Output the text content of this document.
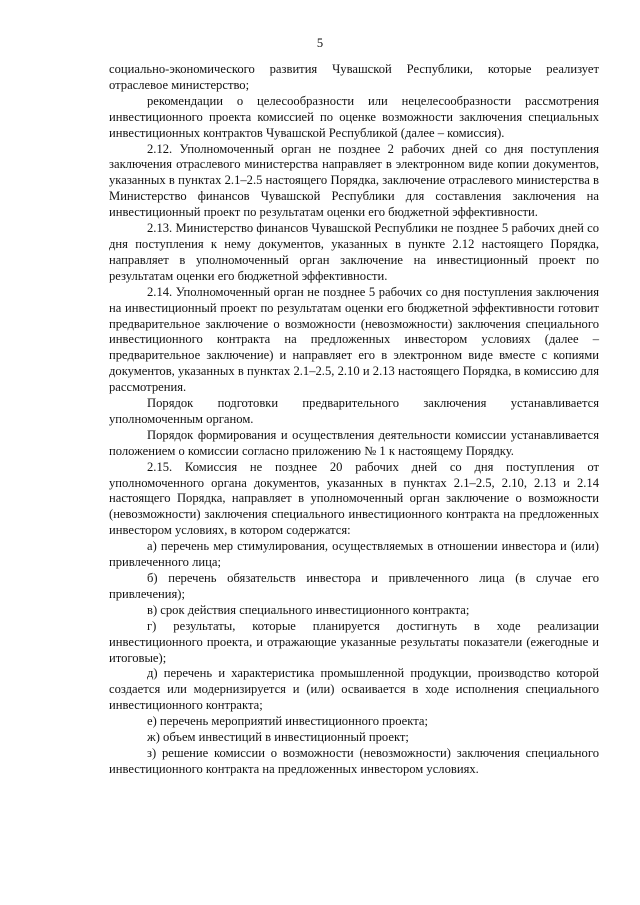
5

социально-экономического развития Чувашской Республики, которые реализует отраслевое министерство;

рекомендации о целесообразности или нецелесообразности рассмотрения инвестиционного проекта комиссией по оценке возможности заключения специальных инвестиционных контрактов Чувашской Республикой (далее – комиссия).

2.12. Уполномоченный орган не позднее 2 рабочих дней со дня поступления заключения отраслевого министерства направляет в электронном виде копии документов, указанных в пунктах 2.1–2.5 настоящего Порядка, заключение отраслевого министерства в Министерство финансов Чувашской Республики для составления заключения на инвестиционный проект по результатам оценки его бюджетной эффективности.

2.13. Министерство финансов Чувашской Республики не позднее 5 рабочих дней со дня поступления к нему документов, указанных в пункте 2.12 настоящего Порядка, направляет в уполномоченный орган заключение на инвестиционный проект по результатам оценки его бюджетной эффективности.

2.14. Уполномоченный орган не позднее 5 рабочих со дня поступления заключения на инвестиционный проект по результатам оценки его бюджетной эффективности готовит предварительное заключение о возможности (невозможности) заключения специального инвестиционного контракта на предложенных инвестором условиях (далее – предварительное заключение) и направляет его в электронном виде вместе с копиями документов, указанных в пунктах 2.1–2.5, 2.10 и 2.13 настоящего Порядка, в комиссию для рассмотрения.

Порядок подготовки предварительного заключения устанавливается уполномоченным органом.

Порядок формирования и осуществления деятельности комиссии устанавливается положением о комиссии согласно приложению № 1 к настоящему Порядку.

2.15. Комиссия не позднее 20 рабочих дней со дня поступления от уполномоченного органа документов, указанных в пунктах 2.1–2.5, 2.10, 2.13 и 2.14 настоящего Порядка, направляет в уполномоченный орган заключение о возможности (невозможности) заключения специального инвестиционного контракта на предложенных инвестором условиях, в котором содержатся:

а) перечень мер стимулирования, осуществляемых в отношении инвестора и (или) привлеченного лица;

б) перечень обязательств инвестора и привлеченного лица (в случае его привлечения);

в) срок действия специального инвестиционного контракта;

г) результаты, которые планируется достигнуть в ходе реализации инвестиционного проекта, и отражающие указанные результаты показатели (ежегодные и итоговые);

д) перечень и характеристика промышленной продукции, производство которой создается или модернизируется и (или) осваивается в ходе исполнения специального инвестиционного контракта;

е) перечень мероприятий инвестиционного проекта;

ж) объем инвестиций в инвестиционный проект;

з) решение комиссии о возможности (невозможности) заключения специального инвестиционного контракта на предложенных инвестором условиях.
